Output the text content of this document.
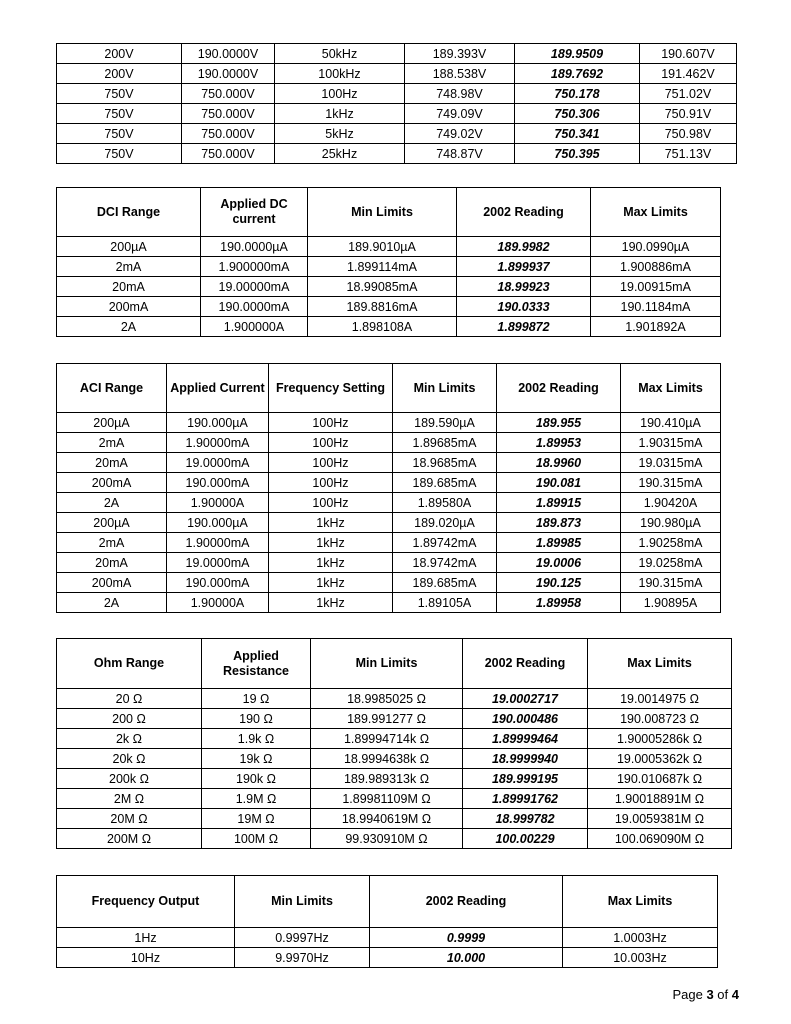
200V	190.0000V	50kHz	189.393V	189.9509	190.607V
200V	190.0000V	100kHz	188.538V	189.7692	191.462V
750V	750.000V	100Hz	748.98V	750.178	751.02V
750V	750.000V	1kHz	749.09V	750.306	750.91V
750V	750.000V	5kHz	749.02V	750.341	750.98V
750V	750.000V	25kHz	748.87V	750.395	751.13V
DCI Range	Applied DC current	Min Limits	2002 Reading	Max Limits
200µA	190.0000µA	189.9010µA	189.9982	190.0990µA
2mA	1.900000mA	1.899114mA	1.899937	1.900886mA
20mA	19.00000mA	18.99085mA	18.99923	19.00915mA
200mA	190.0000mA	189.8816mA	190.0333	190.1184mA
2A	1.900000A	1.898108A	1.899872	1.901892A
ACI Range	Applied Current	Frequency Setting	Min Limits	2002 Reading	Max Limits
200µA	190.000µA	100Hz	189.590µA	189.955	190.410µA
2mA	1.90000mA	100Hz	1.89685mA	1.89953	1.90315mA
20mA	19.0000mA	100Hz	18.9685mA	18.9960	19.0315mA
200mA	190.000mA	100Hz	189.685mA	190.081	190.315mA
2A	1.90000A	100Hz	1.89580A	1.89915	1.90420A
200µA	190.000µA	1kHz	189.020µA	189.873	190.980µA
2mA	1.90000mA	1kHz	1.89742mA	1.89985	1.90258mA
20mA	19.0000mA	1kHz	18.9742mA	19.0006	19.0258mA
200mA	190.000mA	1kHz	189.685mA	190.125	190.315mA
2A	1.90000A	1kHz	1.89105A	1.89958	1.90895A
Ohm Range	Applied Resistance	Min Limits	2002 Reading	Max Limits
20 Ω	19 Ω	18.9985025 Ω	19.0002717	19.0014975 Ω
200 Ω	190 Ω	189.991277 Ω	190.000486	190.008723 Ω
2k Ω	1.9k Ω	1.89994714k Ω	1.89999464	1.90005286k Ω
20k Ω	19k Ω	18.9994638k Ω	18.9999940	19.0005362k Ω
200k Ω	190k Ω	189.989313k Ω	189.999195	190.010687k Ω
2M Ω	1.9M Ω	1.89981109M Ω	1.89991762	1.90018891M Ω
20M Ω	19M Ω	18.9940619M Ω	18.999782	19.0059381M Ω
200M Ω	100M Ω	99.930910M Ω	100.00229	100.069090M Ω
Frequency Output	Min Limits	2002 Reading	Max Limits
1Hz	0.9997Hz	0.9999	1.0003Hz
10Hz	9.9970Hz	10.000	10.003Hz
Page 3 of 4
